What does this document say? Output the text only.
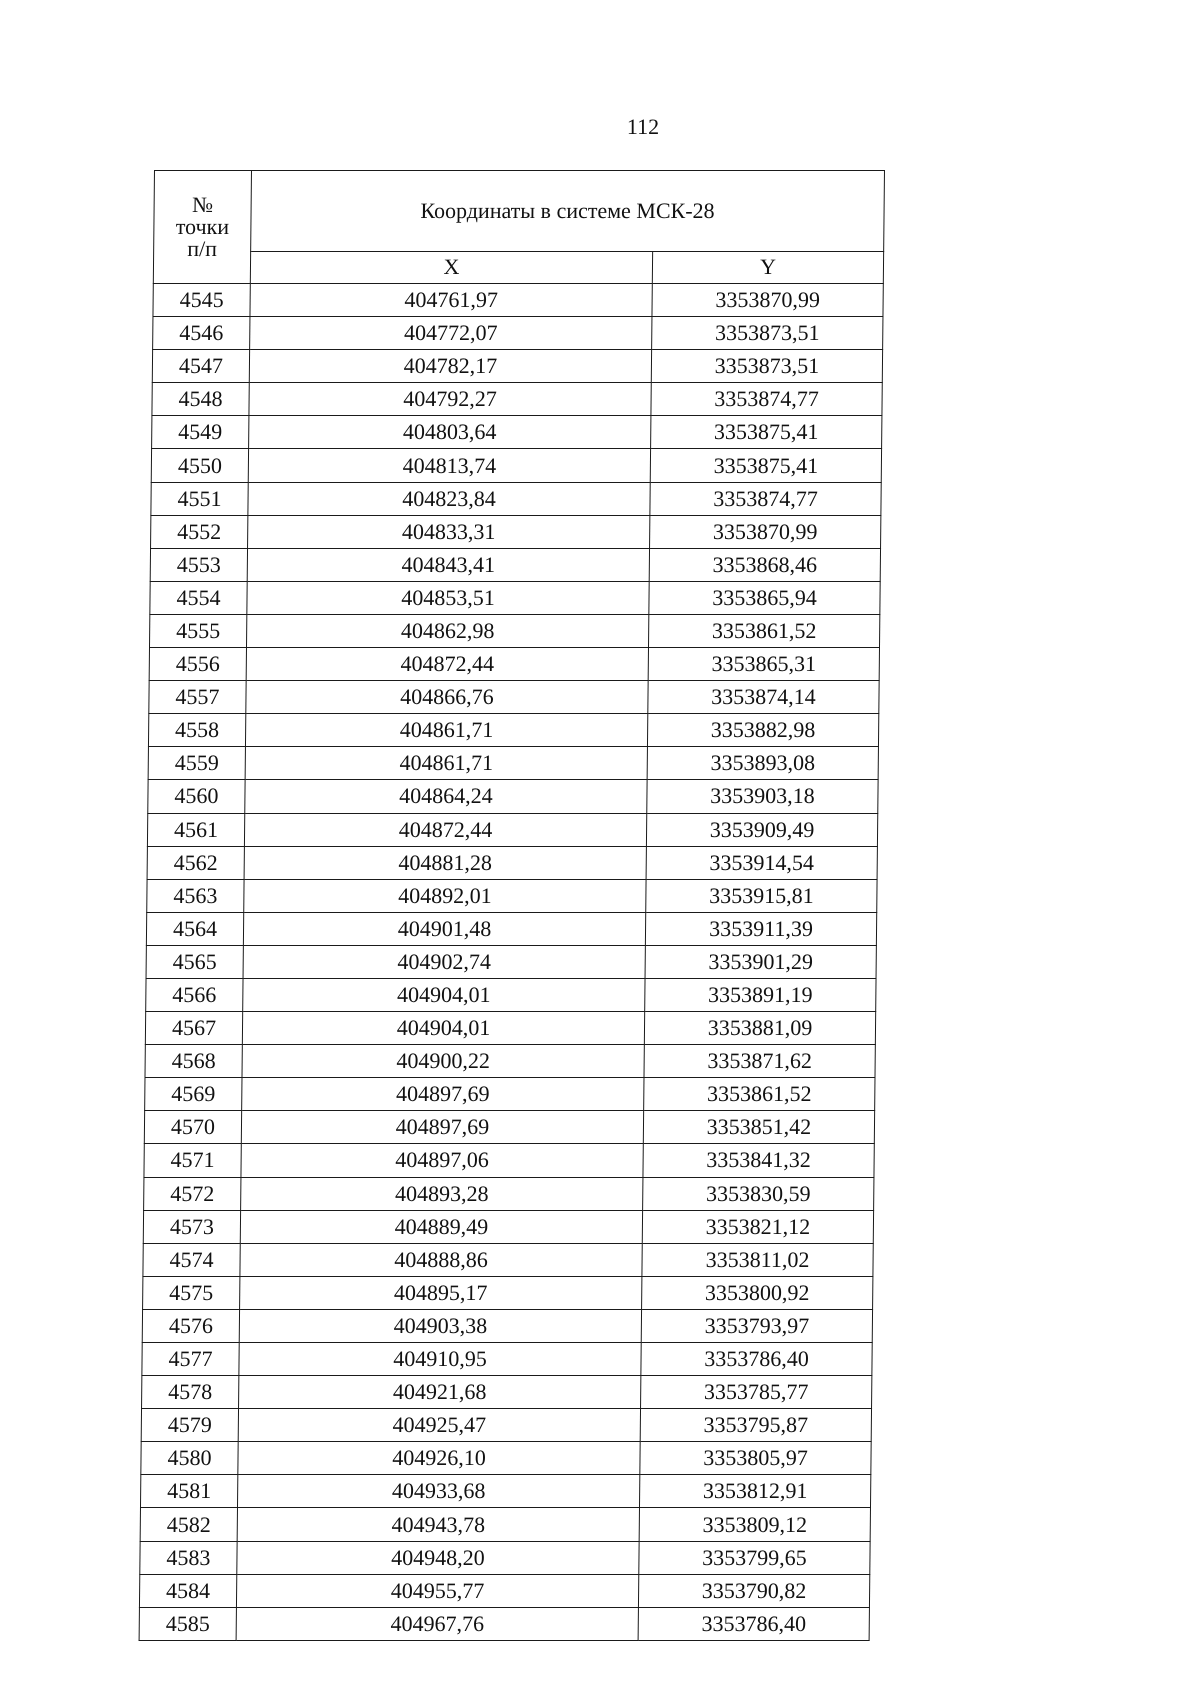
112
№
точки
п/п	Координаты в системе МСК-28	
	X	Y
4545	404761,97	3353870,99
4546	404772,07	3353873,51
4547	404782,17	3353873,51
4548	404792,27	3353874,77
4549	404803,64	3353875,41
4550	404813,74	3353875,41
4551	404823,84	3353874,77
4552	404833,31	3353870,99
4553	404843,41	3353868,46
4554	404853,51	3353865,94
4555	404862,98	3353861,52
4556	404872,44	3353865,31
4557	404866,76	3353874,14
4558	404861,71	3353882,98
4559	404861,71	3353893,08
4560	404864,24	3353903,18
4561	404872,44	3353909,49
4562	404881,28	3353914,54
4563	404892,01	3353915,81
4564	404901,48	3353911,39
4565	404902,74	3353901,29
4566	404904,01	3353891,19
4567	404904,01	3353881,09
4568	404900,22	3353871,62
4569	404897,69	3353861,52
4570	404897,69	3353851,42
4571	404897,06	3353841,32
4572	404893,28	3353830,59
4573	404889,49	3353821,12
4574	404888,86	3353811,02
4575	404895,17	3353800,92
4576	404903,38	3353793,97
4577	404910,95	3353786,40
4578	404921,68	3353785,77
4579	404925,47	3353795,87
4580	404926,10	3353805,97
4581	404933,68	3353812,91
4582	404943,78	3353809,12
4583	404948,20	3353799,65
4584	404955,77	3353790,82
4585	404967,76	3353786,40
